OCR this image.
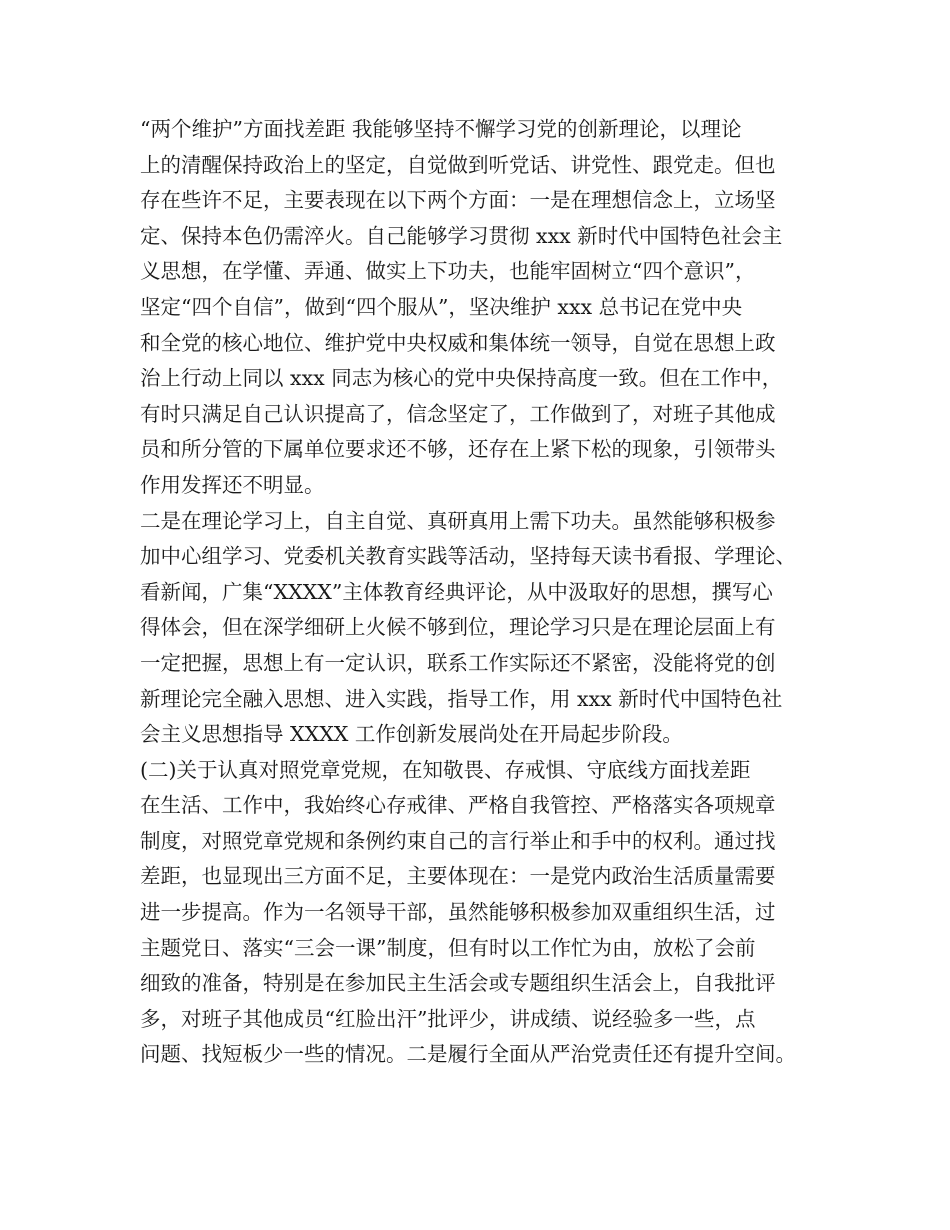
“两个维护”方面找差距 我能够坚持不懈学习党的创新理论，以理论
上的清醒保持政治上的坚定，自觉做到听党话、讲党性、跟党走。但也
存在些许不足，主要表现在以下两个方面：一是在理想信念上，立场坚
定、保持本色仍需淬火。自己能够学习贯彻 xxx 新时代中国特色社会主
义思想，在学懂、弄通、做实上下功夫，也能牢固树立“四个意识”，
坚定“四个自信”，做到“四个服从”，坚决维护 xxx 总书记在党中央
和全党的核心地位、维护党中央权威和集体统一领导，自觉在思想上政
治上行动上同以 xxx 同志为核心的党中央保持高度一致。但在工作中，
有时只满足自己认识提高了，信念坚定了，工作做到了，对班子其他成
员和所分管的下属单位要求还不够，还存在上紧下松的现象，引领带头
作用发挥还不明显。
二是在理论学习上，自主自觉、真研真用上需下功夫。虽然能够积极参
加中心组学习、党委机关教育实践等活动，坚持每天读书看报、学理论、
看新闻，广集“XXXX”主体教育经典评论，从中汲取好的思想，撰写心
得体会，但在深学细研上火候不够到位，理论学习只是在理论层面上有
一定把握，思想上有一定认识，联系工作实际还不紧密，没能将党的创
新理论完全融入思想、进入实践，指导工作，用 xxx 新时代中国特色社
会主义思想指导 XXXX 工作创新发展尚处在开局起步阶段。
(二)关于认真对照党章党规，在知敬畏、存戒惧、守底线方面找差距
在生活、工作中，我始终心存戒律、严格自我管控、严格落实各项规章
制度，对照党章党规和条例约束自己的言行举止和手中的权利。通过找
差距，也显现出三方面不足，主要体现在：一是党内政治生活质量需要
进一步提高。作为一名领导干部，虽然能够积极参加双重组织生活，过
主题党日、落实“三会一课”制度，但有时以工作忙为由，放松了会前
细致的准备，特别是在参加民主生活会或专题组织生活会上，自我批评
多，对班子其他成员“红脸出汗”批评少，讲成绩、说经验多一些，点
问题、找短板少一些的情况。二是履行全面从严治党责任还有提升空间。
